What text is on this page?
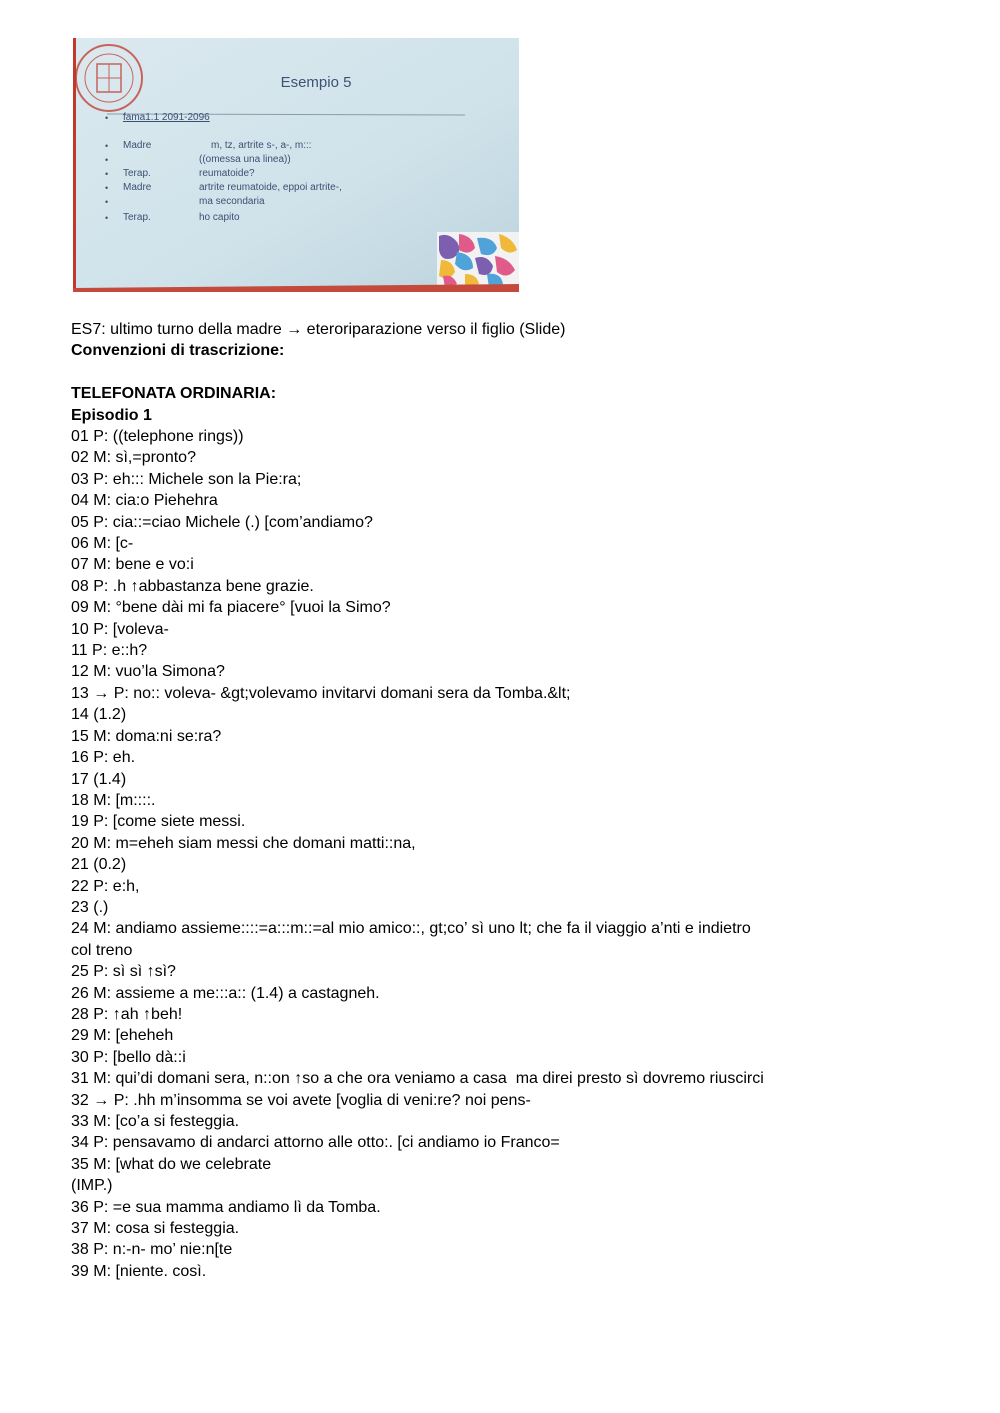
Esempio 5
• fama1.1 2091-2096
• Madre	m, tz, artrite s-, a-, m:::
•	((omessa una linea))
• Terap.	reumatoide?
• Madre	artrite reumatoide, eppoi artrite-,
•	ma secondaria
• Terap.	ho capito

ES7: ultimo turno della madre → eteroriparazione verso il figlio (Slide)

Convenzioni di trascrizione:

TELEFONATA ORDINARIA:

Episodio 1

01 P: ((telephone rings))

02 M: sì,=pronto?

03 P: eh::: Michele son la Pie:ra;

04 M: cia:o Piehehra

05 P: cia::=ciao Michele (.) [com’andiamo?

06 M: [c-

07 M: bene e vo:i

08 P: .h ↑abbastanza bene grazie.

09 M: °bene dài mi fa piacere° [vuoi la Simo?

10 P: [voleva-

11 P: e::h?

12 M: vuo’la Simona?

13 → P: no:: voleva- &gt;volevamo invitarvi domani sera da Tomba.&lt;

14 (1.2)

15 M: doma:ni se:ra?

16 P: eh.

17 (1.4)

18 M: [m::::.

19 P: [come siete messi.

20 M: m=eheh siam messi che domani matti::na,

21 (0.2)

22 P: e:h,

23 (.)

24 M: andiamo assieme::::=a:::m::=al mio amico::, gt;co’ sì uno lt; che fa il viaggio a’nti e indietro

col treno

25 P: sì sì ↑sì?

26 M: assieme a me:::a:: (1.4) a castagneh.

28 P: ↑ah ↑beh!

29 M: [eheheh

30 P: [bello dà::i

31 M: qui’di domani sera, n::on ↑so a che ora veniamo a casa  ma direi presto sì dovremo riuscirci

32 → P: .hh m’insomma se voi avete [voglia di veni:re? noi pens-

33 M: [co’a si festeggia.

34 P: pensavamo di andarci attorno alle otto:. [ci andiamo io Franco=

35 M: [what do we celebrate

(IMP.)

36 P: =e sua mamma andiamo lì da Tomba.

37 M: cosa si festeggia.

38 P: n:-n- mo’ nie:n[te

39 M: [niente. così.
